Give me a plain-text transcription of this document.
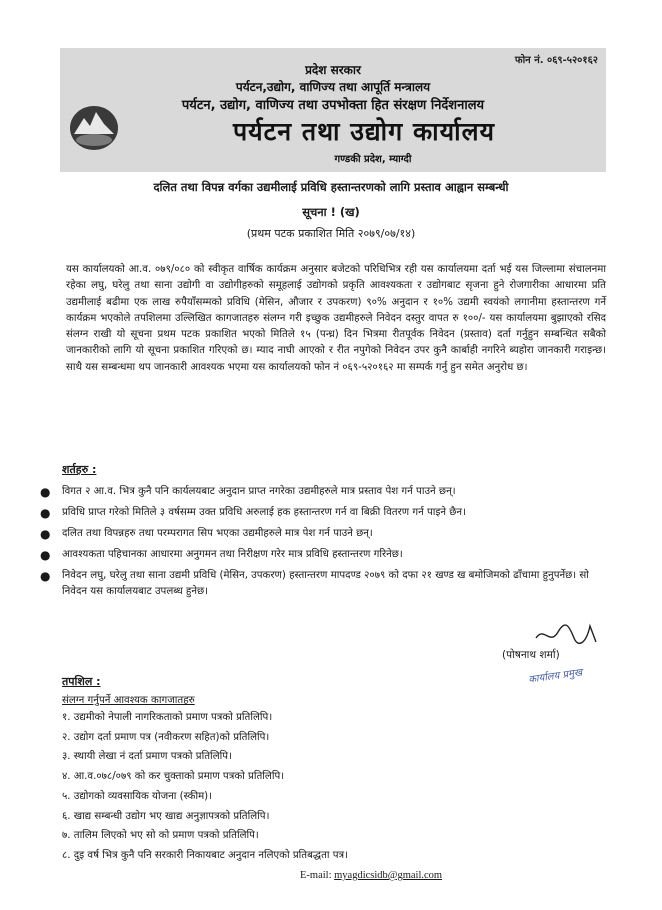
फोन नं. ०६९-५२०१६२
प्रदेश सरकार
पर्यटन,उद्योग, वाणिज्य तथा आपूर्ति मन्त्रालय
पर्यटन, उद्योग, वाणिज्य तथा उपभोक्ता हित संरक्षण निर्देशनालय
पर्यटन तथा उद्योग कार्यालय
गण्डकी प्रदेश, म्याग्दी
दलित तथा विपन्न वर्गका उद्यमीलाई प्रविधि हस्तान्तरणको लागि प्रस्ताव आह्वान सम्बन्धी
सूचना ! (ख)
(प्रथम पटक प्रकाशित मिति २०७९/०७/१४)
यस कार्यालयको आ.व. ०७९/०८० को स्वीकृत वार्षिक कार्यक्रम अनुसार बजेटको परिधिभित्र रही यस कार्यालयमा दर्ता भई यस जिल्लामा संचालनमा रहेका लघु, घरेलु तथा साना उद्योगी वा उद्योगीहरुको समूहलाई उद्योगको प्रकृति आवश्यकता र उद्योगबाट सृजना हुने रोजगारीका आधारमा प्रति उद्यमीलाई बढीमा एक लाख रुपैयाँसम्मको प्रविधि (मेसिन, औजार र उपकरण) ९०% अनुदान र १०% उद्यमी स्वयंको लगानीमा हस्तान्तरण गर्ने कार्यक्रम भएकोले तपशिलमा उल्लिखित कागजातहरु संलग्न गरी इच्छुक उद्यमीहरुले निवेदन दस्तुर वापत रु १००/- यस कार्यालयमा बुझाएको रसिद संलग्न राखी यो सूचना प्रथम पटक प्रकाशित भएको मितिले १५ (पन्ध्र) दिन भित्रमा रीतपूर्वक निवेदन (प्रस्ताव) दर्ता गर्नुहुन सम्बन्धित सबैको जानकारीको लागि यो सूचना प्रकाशित गरिएको छ। म्याद नाघी आएको र रीत नपुगेको निवेदन उपर कुनै कार्बाही नगरिने ब्यहोरा जानकारी गराइन्छ। साथै यस सम्बन्धमा थप जानकारी आवश्यक भएमा यस कार्यालयको फोन नं ०६९-५२०१६२ मा सम्पर्क गर्नु हुन समेत अनुरोध छ।
शर्तहरु :
● विगत २ आ.व. भित्र कुनै पनि कार्यलयबाट अनुदान प्राप्त नगरेका उद्यमीहरुले मात्र प्रस्ताव पेश गर्न पाउने छन्।
● प्रविधि प्राप्त गरेको मितिले ३ वर्षसम्म उक्त प्रविधि अरुलाई हक हस्तान्तरण गर्न वा बिक्री वितरण गर्न पाइने छैन।
● दलित तथा विपन्नहरु तथा परम्परागत सिप भएका उद्यमीहरुले मात्र पेश गर्न पाउने छन्।
● आवश्यकता पहिचानका आधारमा अनुगमन तथा निरीक्षण गरेर मात्र प्रविधि हस्तान्तरण गरिनेछ।
● निवेदन लघु, घरेलु तथा साना उद्यमी प्रविधि (मेसिन, उपकरण) हस्तान्तरण मापदण्ड २०७९ को दफा २१ खण्ड ख बमोजिमको ढाँचामा हुनुपर्नेछ। सो निवेदन यस कार्यालयबाट उपलब्ध हुनेछ।
(पोषनाथ शर्मा)
कार्यालय प्रमुख
तपशिल :
संलग्न गर्नुपर्ने आवश्यक कागजातहरु
१. उद्यमीको नेपाली नागरिकताको प्रमाण पत्रको प्रतिलिपि।
२. उद्योग दर्ता प्रमाण पत्र (नवीकरण सहित)को प्रतिलिपि।
३. स्थायी लेखा नं दर्ता प्रमाण पत्रको प्रतिलिपि।
४. आ.व.०७८/०७९ को कर चुक्ताको प्रमाण पत्रको प्रतिलिपि।
५. उद्योगको व्यवसायिक योजना (स्कीम)।
६. खाद्य सम्बन्धी उद्योग भए खाद्य अनुज्ञापत्रको प्रतिलिपि।
७. तालिम लिएको भए सो को प्रमाण पत्रको प्रतिलिपि।
८. दुइ वर्ष भित्र कुनै पनि सरकारी निकायबाट अनुदान नलिएको प्रतिबद्धता पत्र।
E-mail: myagdicsidb@gmail.com
